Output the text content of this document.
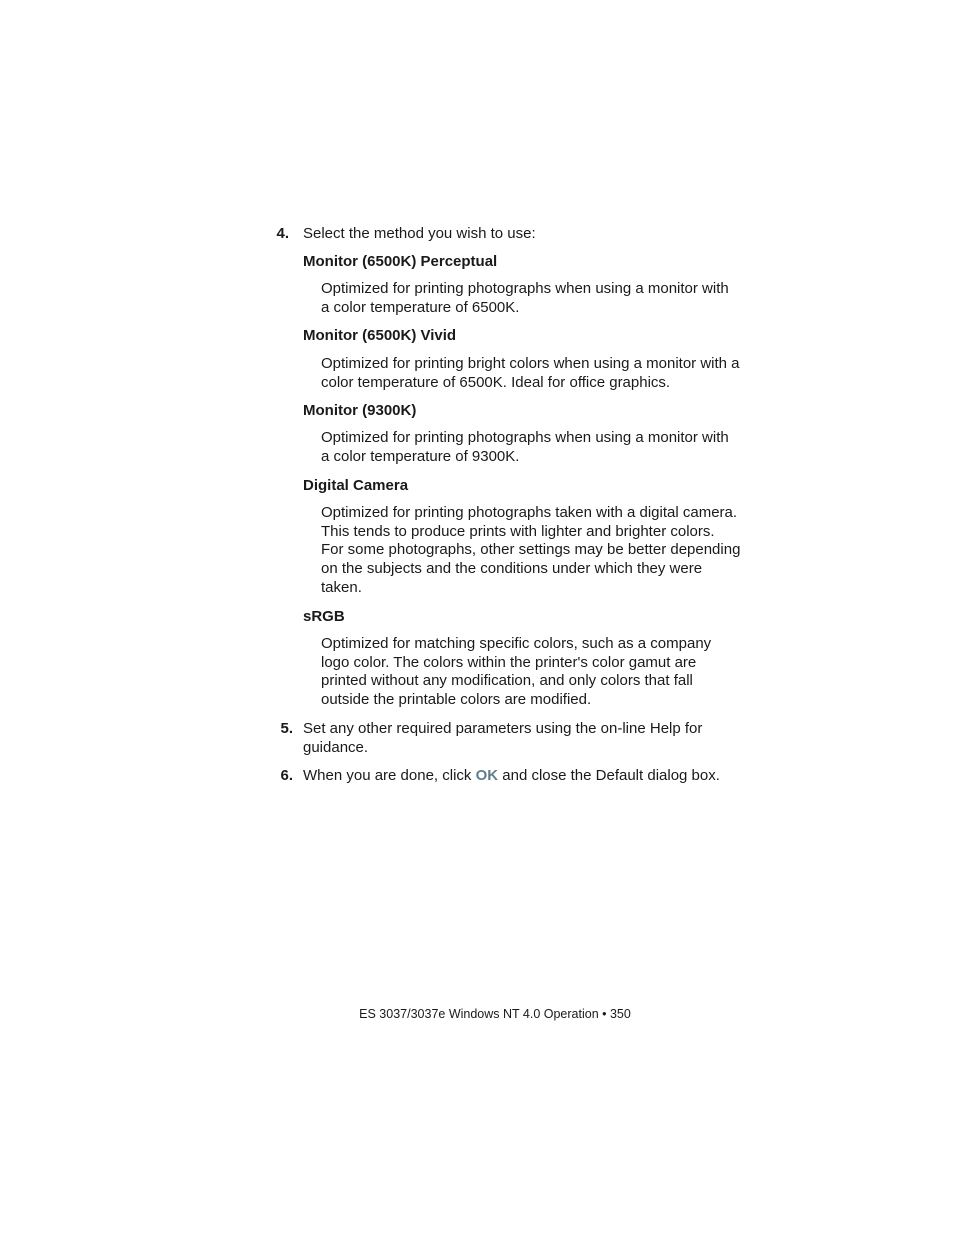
4. Select the method you wish to use:
Monitor (6500K) Perceptual
Optimized for printing photographs when using a monitor with a color temperature of 6500K.
Monitor (6500K) Vivid
Optimized for printing bright colors when using a monitor with a color temperature of 6500K. Ideal for office graphics.
Monitor (9300K)
Optimized for printing photographs when using a monitor with a color temperature of 9300K.
Digital Camera
Optimized for printing photographs taken with a digital camera. This tends to produce prints with lighter and brighter colors. For some photographs, other settings may be better depending on the subjects and the conditions under which they were taken.
sRGB
Optimized for matching specific colors, such as a company logo color. The colors within the printer's color gamut are printed without any modification, and only colors that fall outside the printable colors are modified.
5. Set any other required parameters using the on-line Help for guidance.
6. When you are done, click OK and close the Default dialog box.
ES 3037/3037e Windows NT 4.0 Operation • 350
